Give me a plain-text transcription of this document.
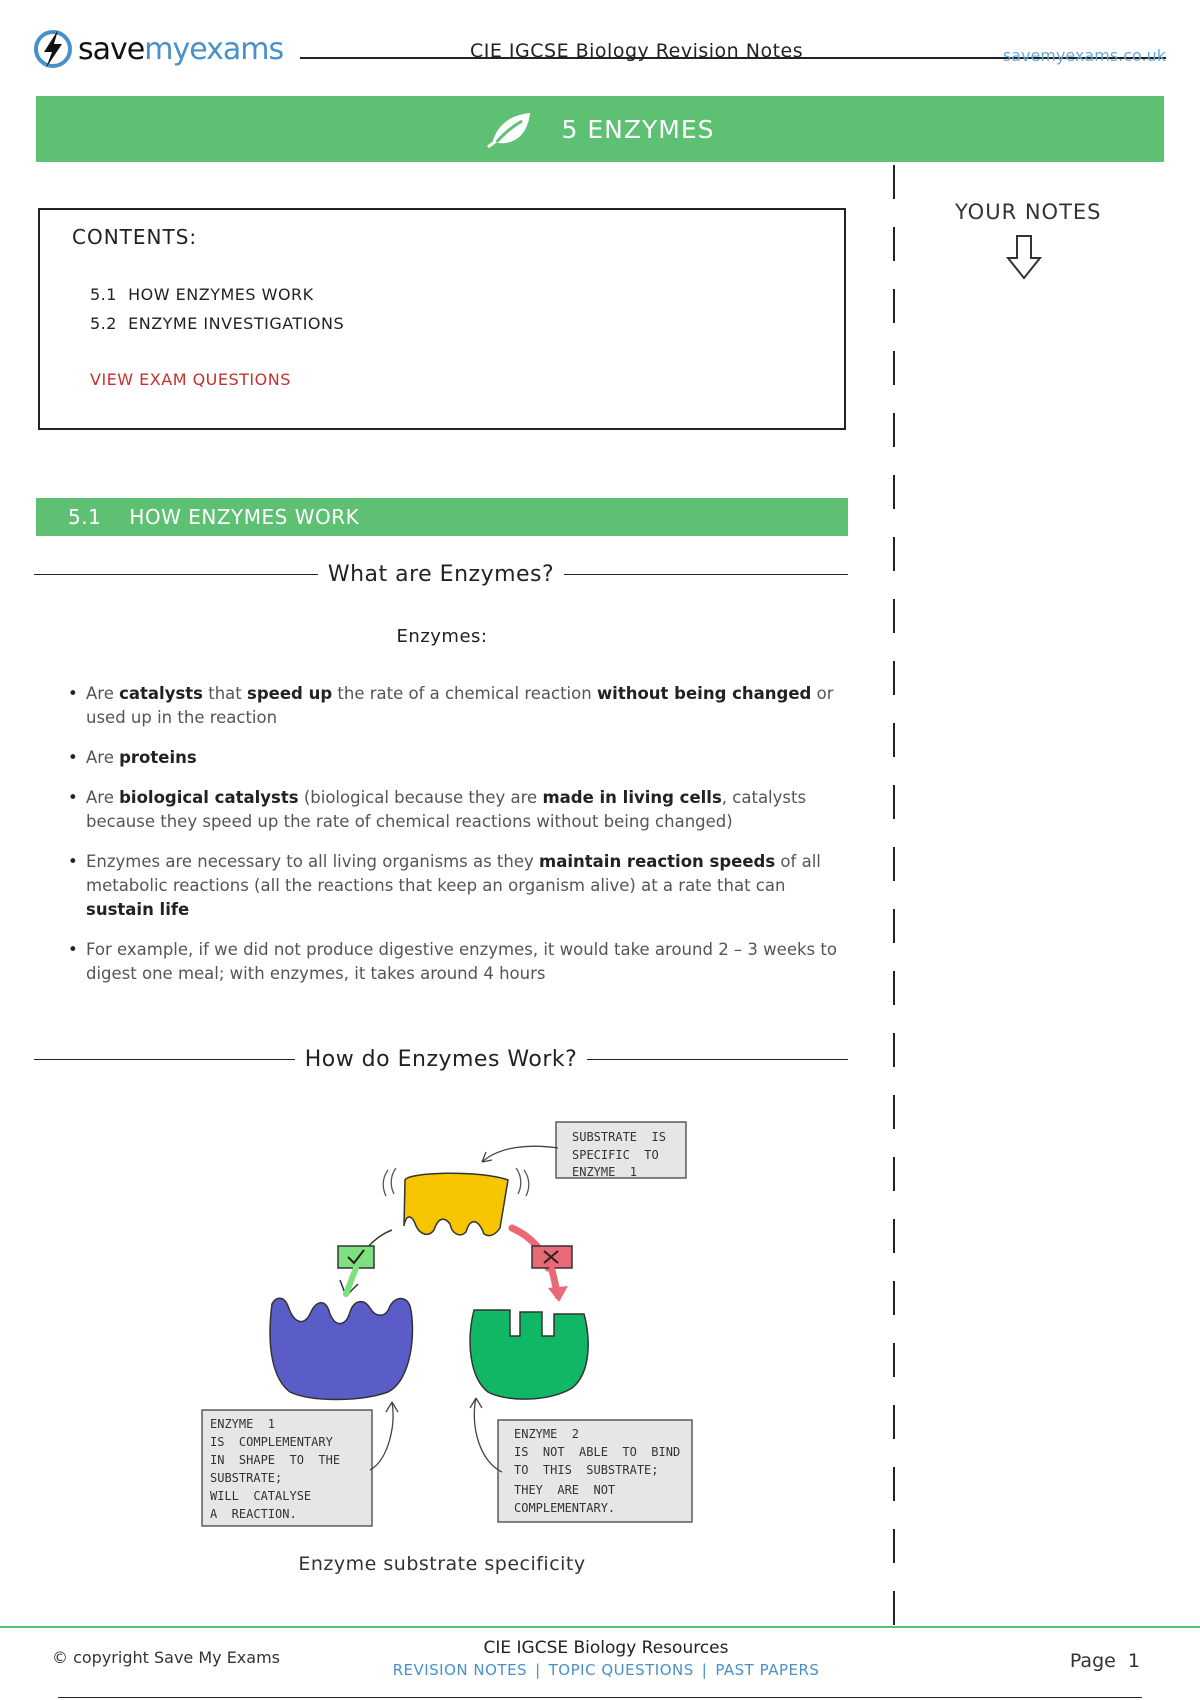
save myexams	CIE IGCSE Biology Revision Notes	savemyexams.co.uk
5 ENZYMES
YOUR NOTES
CONTENTS:
5.1  HOW ENZYMES WORK
5.2  ENZYME INVESTIGATIONS
VIEW EXAM QUESTIONS
5.1 HOW ENZYMES WORK
What are Enzymes?
Enzymes:
• Are catalysts that speed up the rate of a chemical reaction without being changed or used up in the reaction
• Are proteins
• Are biological catalysts (biological because they are made in living cells, catalysts because they speed up the rate of chemical reactions without being changed)
• Enzymes are necessary to all living organisms as they maintain reaction speeds of all metabolic reactions (all the reactions that keep an organism alive) at a rate that can sustain life
• For example, if we did not produce digestive enzymes, it would take around 2 – 3 weeks to digest one meal; with enzymes, it takes around 4 hours
How do Enzymes Work?
SUBSTRATE  IS
SPECIFIC  TO
ENZYME  1
ENZYME  1
IS  COMPLEMENTARY
IN  SHAPE  TO  THE
SUBSTRATE;
WILL  CATALYSE
A  REACTION.
ENZYME  2
IS  NOT  ABLE  TO  BIND
TO  THIS  SUBSTRATE;
THEY  ARE  NOT
COMPLEMENTARY.
Enzyme substrate specificity
© copyright Save My Exams	CIE IGCSE Biology Resources
REVISION NOTES | TOPIC QUESTIONS | PAST PAPERS	Page  1
